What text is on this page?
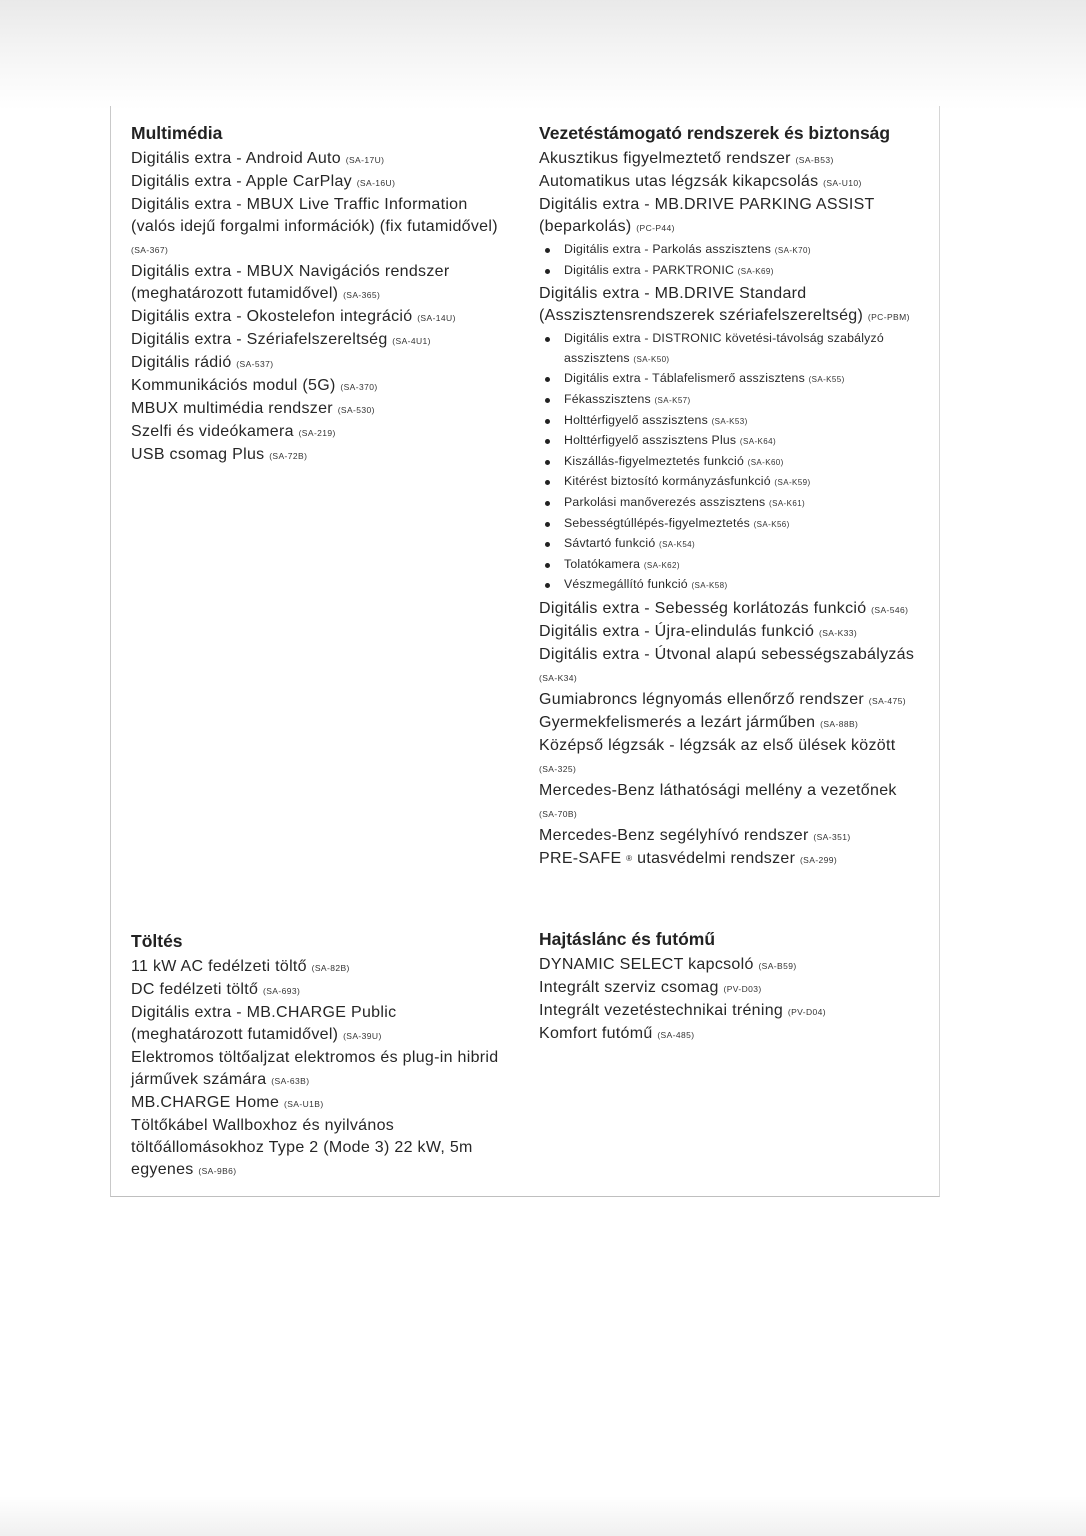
Multimédia
Digitális extra - Android Auto (SA-17U)
Digitális extra - Apple CarPlay (SA-16U)
Digitális extra - MBUX Live Traffic Information (valós idejű forgalmi információk) (fix futamidővel) (SA-367)
Digitális extra - MBUX Navigációs rendszer (meghatározott futamidővel) (SA-365)
Digitális extra - Okostelefon integráció (SA-14U)
Digitális extra - Szériafelszereltség (SA-4U1)
Digitális rádió (SA-537)
Kommunikációs modul (5G) (SA-370)
MBUX multimédia rendszer (SA-530)
Szelfi és videókamera (SA-219)
USB csomag Plus (SA-72B)
Töltés
11 kW AC fedélzeti töltő (SA-82B)
DC fedélzeti töltő (SA-693)
Digitális extra - MB.CHARGE Public (meghatározott futamidővel) (SA-39U)
Elektromos töltőaljzat elektromos és plug-in hibrid járművek számára (SA-63B)
MB.CHARGE Home (SA-U1B)
Töltőkábel Wallboxhoz és nyilvános töltőállomásokhoz Type 2 (Mode 3) 22 kW, 5m egyenes (SA-9B6)
Vezetéstámogató rendszerek és biztonság
Akusztikus figyelmeztető rendszer (SA-B53)
Automatikus utas légzsák kikapcsolás (SA-U10)
Digitális extra - MB.DRIVE PARKING ASSIST (beparkolás) (PC-P44)
Digitális extra - Parkolás asszisztens (SA-K70)
Digitális extra - PARKTRONIC (SA-K69)
Digitális extra - MB.DRIVE Standard (Asszisztensrendszerek szériafelszereltség) (PC-PBM)
Digitális extra - DISTRONIC követési-távolság szabályzó asszisztens (SA-K50)
Digitális extra - Táblafelismerő asszisztens (SA-K55)
Fékasszisztens (SA-K57)
Holttérfigyelő asszisztens (SA-K53)
Holttérfigyelő asszisztens Plus (SA-K64)
Kiszállás-figyelmeztetés funkció (SA-K60)
Kitérést biztosító kormányzásfunkció (SA-K59)
Parkolási manőverezés asszisztens (SA-K61)
Sebességtúllépés-figyelmeztetés (SA-K56)
Sávtartó funkció (SA-K54)
Tolatókamera (SA-K62)
Vészmegállító funkció (SA-K58)
Digitális extra - Sebesség korlátozás funkció (SA-546)
Digitális extra - Újra-elindulás funkció (SA-K33)
Digitális extra - Útvonal alapú sebességszabályzás (SA-K34)
Gumiabroncs légnyomás ellenőrző rendszer (SA-475)
Gyermekfelismerés a lezárt járműben (SA-88B)
Középső légzsák - légzsák az első ülések között (SA-325)
Mercedes-Benz láthatósági mellény a vezetőnek (SA-70B)
Mercedes-Benz segélyhívó rendszer (SA-351)
PRE-SAFE ® utasvédelmi rendszer (SA-299)
Hajtáslánc és futómű
DYNAMIC SELECT kapcsoló (SA-B59)
Integrált szerviz csomag (PV-D03)
Integrált vezetéstechnikai tréning (PV-D04)
Komfort futómű (SA-485)
